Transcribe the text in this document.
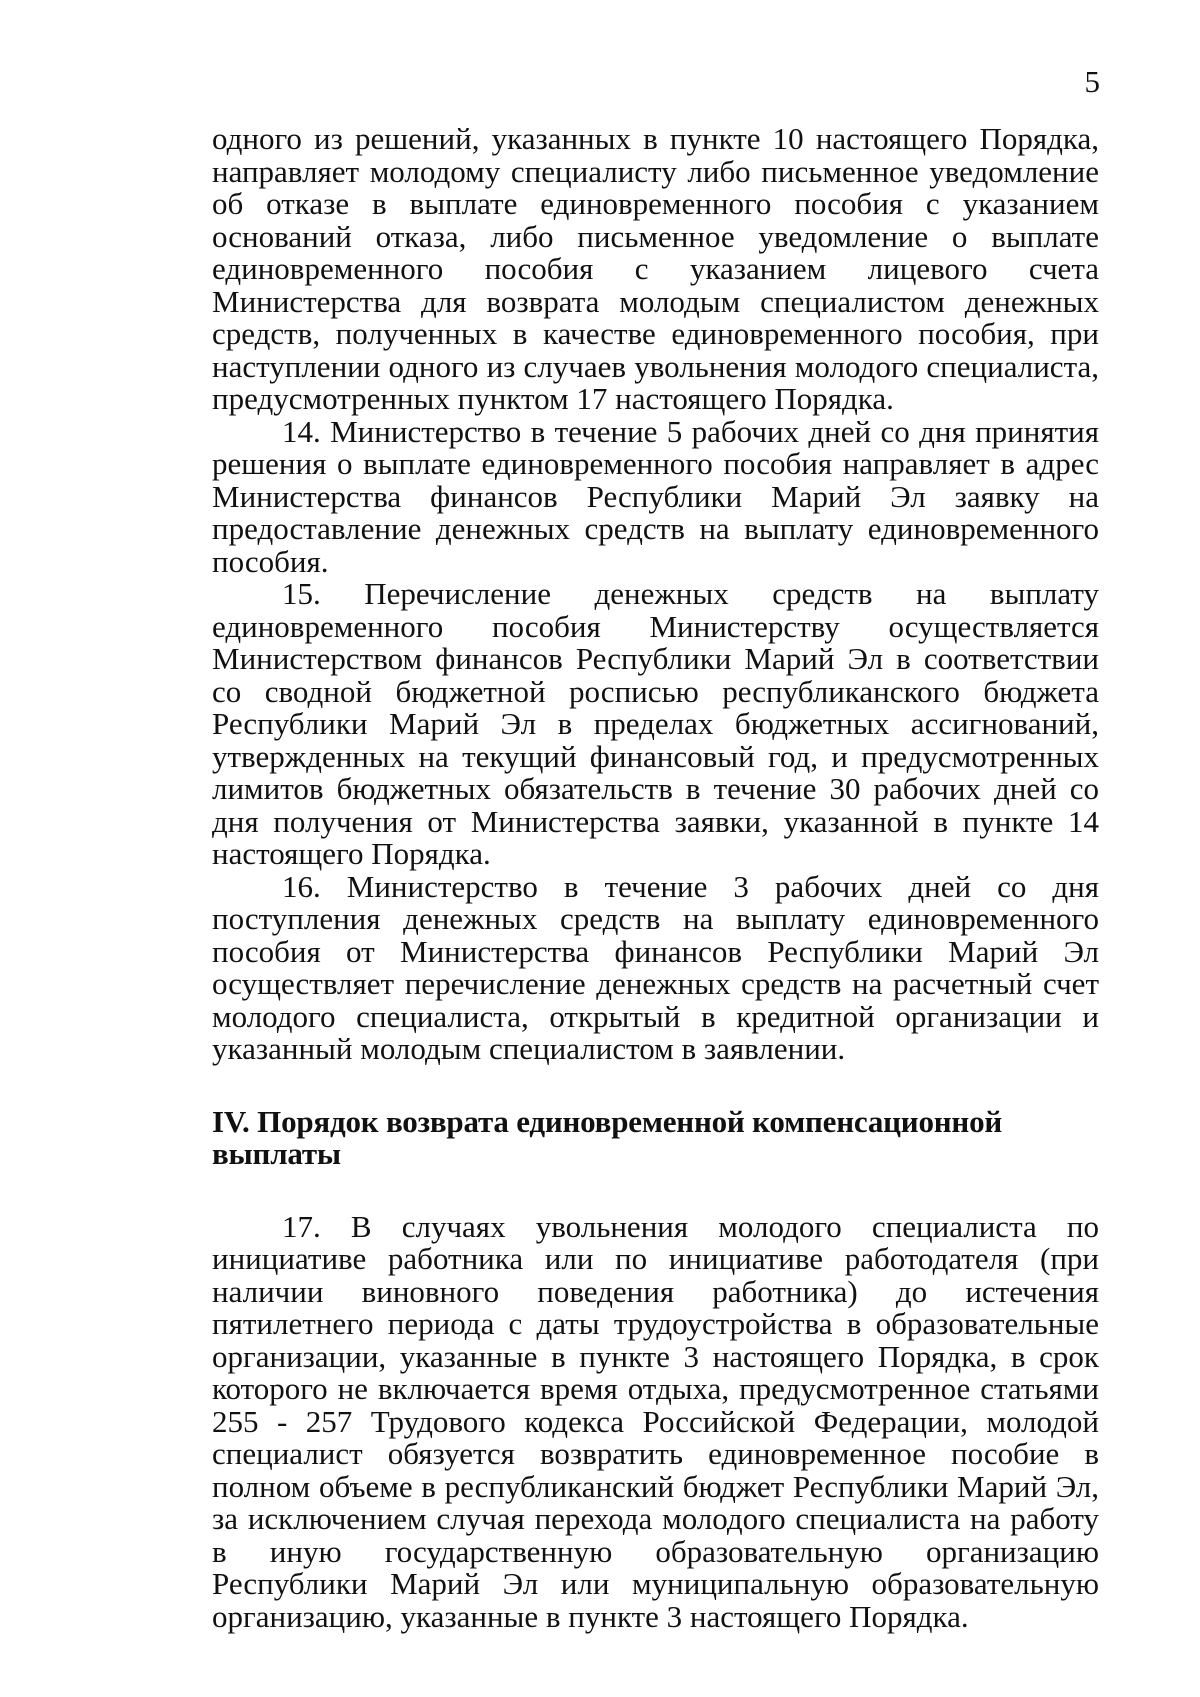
5

одного из решений, указанных в пункте 10 настоящего Порядка, направляет молодому специалисту либо письменное уведомление об отказе в выплате единовременного пособия с указанием оснований отказа, либо письменное уведомление о выплате единовременного пособия с указанием лицевого счета Министерства для возврата молодым специалистом денежных средств, полученных в качестве единовременного пособия, при наступлении одного из случаев увольнения молодого специалиста, предусмотренных пунктом 17 настоящего Порядка.

14. Министерство в течение 5 рабочих дней со дня принятия решения о выплате единовременного пособия направляет в адрес Министерства финансов Республики Марий Эл заявку на предоставление денежных средств на выплату единовременного пособия.

15. Перечисление денежных средств на выплату единовременного пособия Министерству осуществляется Министерством финансов Республики Марий Эл в соответствии со сводной бюджетной росписью республиканского бюджета Республики Марий Эл в пределах бюджетных ассигнований, утвержденных на текущий финансовый год, и предусмотренных лимитов бюджетных обязательств в течение 30 рабочих дней со дня получения от Министерства заявки, указанной в пункте 14 настоящего Порядка.

16. Министерство в течение 3 рабочих дней со дня поступления денежных средств на выплату единовременного пособия от Министерства финансов Республики Марий Эл осуществляет перечисление денежных средств на расчетный счет молодого специалиста, открытый в кредитной организации и указанный молодым специалистом в заявлении.

IV. Порядок возврата единовременной компенсационной выплаты

17. В случаях увольнения молодого специалиста по инициативе работника или по инициативе работодателя (при наличии виновного поведения работника) до истечения пятилетнего периода с даты трудоустройства в образовательные организации, указанные в пункте 3 настоящего Порядка, в срок которого не включается время отдыха, предусмотренное статьями 255 - 257 Трудового кодекса Российской Федерации, молодой специалист обязуется возвратить единовременное пособие в полном объеме в республиканский бюджет Республики Марий Эл, за исключением случая перехода молодого специалиста на работу в иную государственную образовательную организацию Республики Марий Эл или муниципальную образовательную организацию, указанные в пункте 3 настоящего Порядка.
